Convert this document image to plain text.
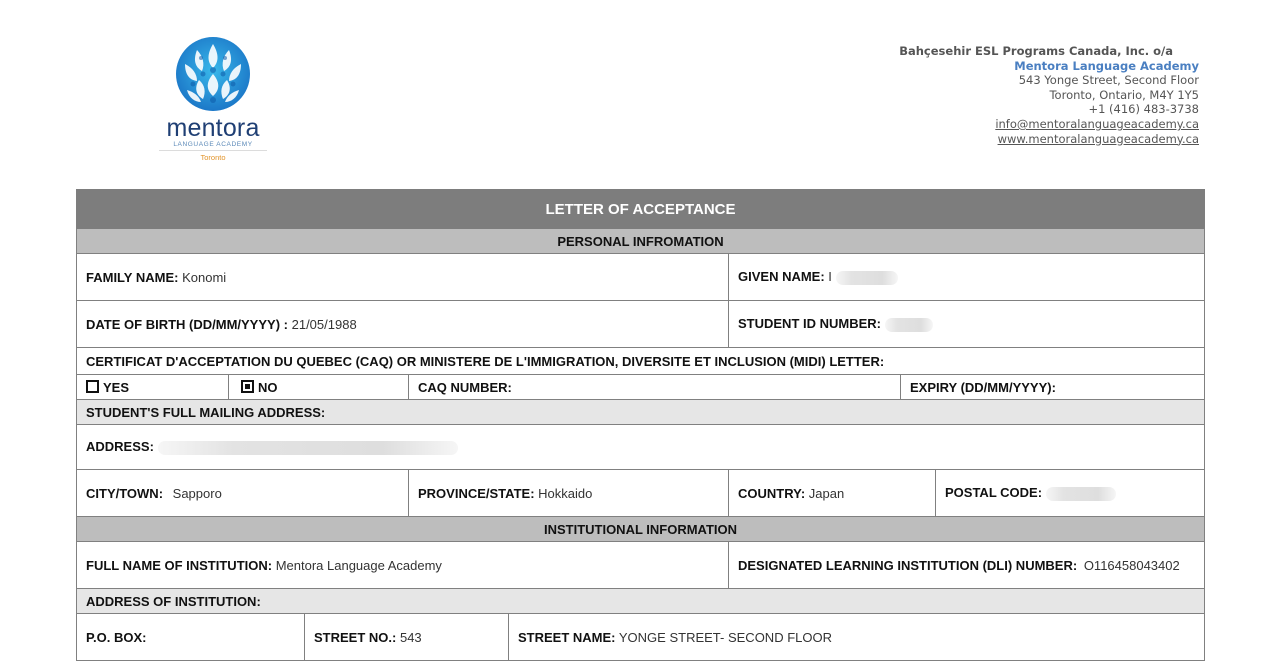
mentora
LANGUAGE ACADEMY
Toronto
Bahçesehir ESL Programs Canada, Inc. o/a
Mentora Language Academy
543 Yonge Street, Second Floor
Toronto, Ontario, M4Y 1Y5
+1 (416) 483-3738
info@mentoralanguageacademy.ca
www.mentoralanguageacademy.ca
LETTER OF ACCEPTANCE							
PERSONAL INFROMATION							
FAMILY NAME: Konomi					GIVEN NAME: I		
DATE OF BIRTH (DD/MM/YYYY) : 21/05/1988					STUDENT ID NUMBER:		
CERTIFICAT D'ACCEPTATION DU QUEBEC (CAQ) OR MINISTERE DE L'IMMIGRATION, DIVERSITE ET INCLUSION (MIDI) LETTER:							
YES	NO		CAQ NUMBER:			EXPIRY (DD/MM/YYYY):	
STUDENT'S FULL MAILING ADDRESS:							
ADDRESS:							
CITY/TOWN: Sapporo			PROVINCE/STATE: Hokkaido		COUNTRY: Japan		POSTAL CODE:
INSTITUTIONAL INFORMATION							
FULL NAME OF INSTITUTION: Mentora Language Academy					DESIGNATED LEARNING INSTITUTION (DLI) NUMBER: O116458043402		
ADDRESS OF INSTITUTION:							
P.O. BOX:		STREET NO.: 543		STREET NAME: YONGE STREET- SECOND FLOOR			
